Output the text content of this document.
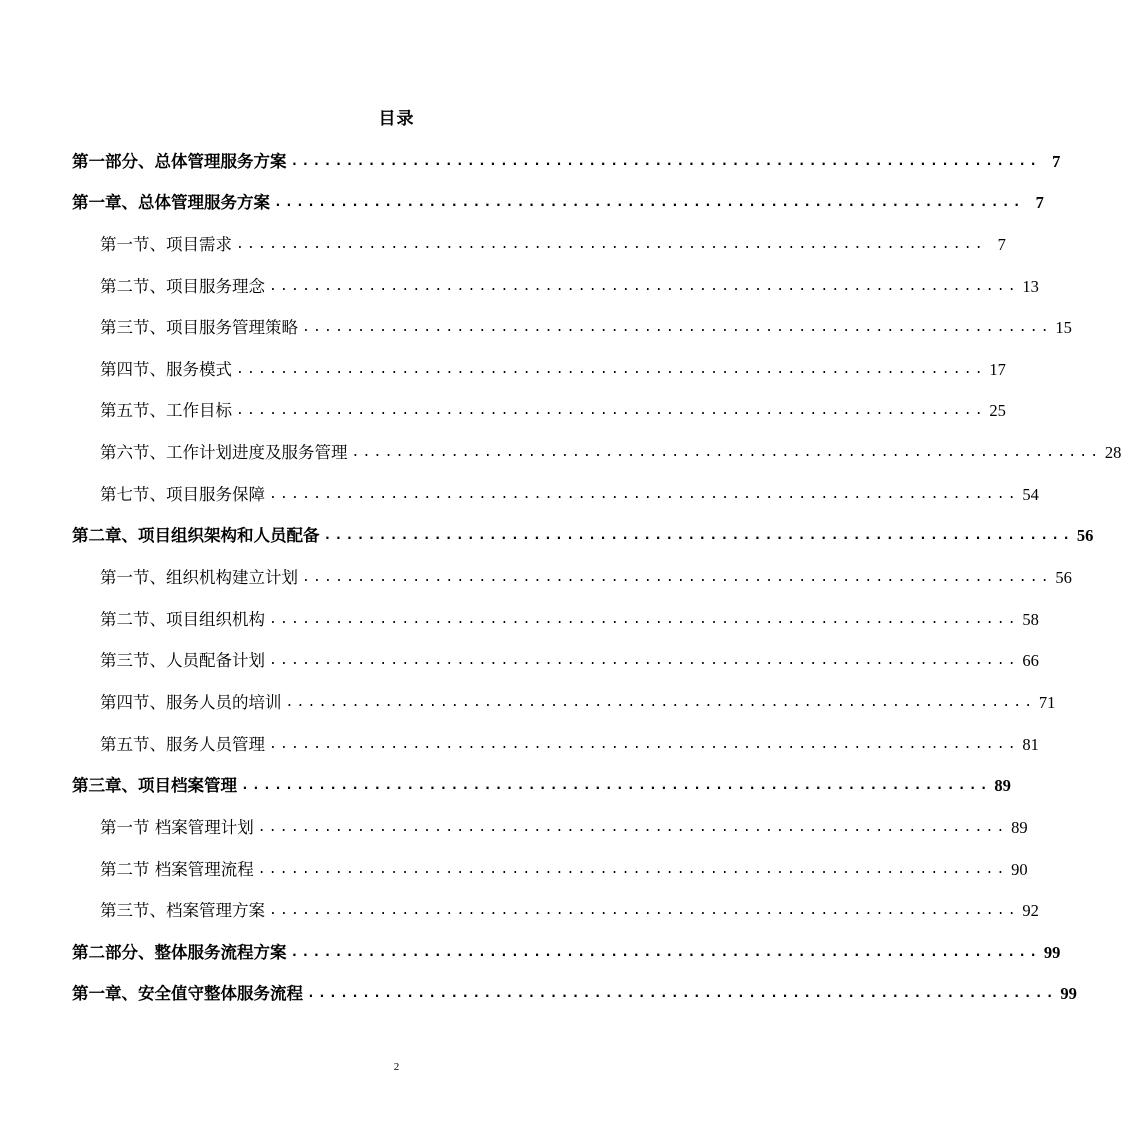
目录
第一部分、总体管理服务方案 .................................................................... 7
第一章、总体管理服务方案 .................................................................... 7
第一节、项目需求 .................................................................... 7
第二节、项目服务理念 .................................................................... 13
第三节、项目服务管理策略 .................................................................... 15
第四节、服务模式 .................................................................... 17
第五节、工作目标 .................................................................... 25
第六节、工作计划进度及服务管理 .................................................................... 28
第七节、项目服务保障 .................................................................... 54
第二章、项目组织架构和人员配备 .................................................................... 56
第一节、组织机构建立计划 .................................................................... 56
第二节、项目组织机构 .................................................................... 58
第三节、人员配备计划 .................................................................... 66
第四节、服务人员的培训 .................................................................... 71
第五节、服务人员管理 .................................................................... 81
第三章、项目档案管理 .................................................................... 89
第一节 档案管理计划 .................................................................... 89
第二节 档案管理流程 .................................................................... 90
第三节、档案管理方案 .................................................................... 92
第二部分、整体服务流程方案 .................................................................... 99
第一章、安全值守整体服务流程 .................................................................... 99
2
